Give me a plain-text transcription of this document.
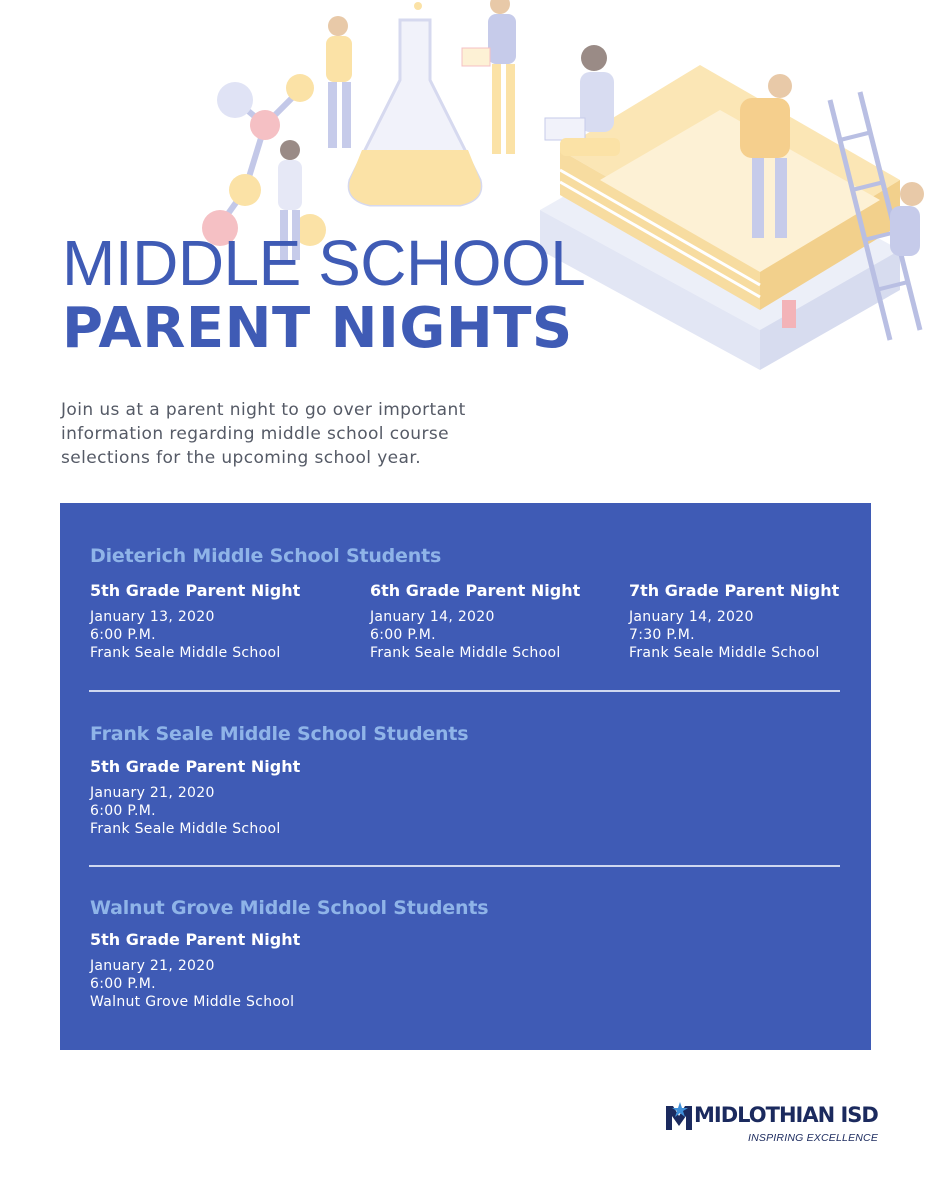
MIDDLE SCHOOL
PARENT NIGHTS
Join us at a parent night to go over important
information regarding middle school course
selections for the upcoming school year.
Dieterich Middle School Students
5th Grade Parent Night
January 13, 2020
6:00 P.M.
Frank Seale Middle School
6th Grade Parent Night
January 14, 2020
6:00 P.M.
Frank Seale Middle School
7th Grade Parent Night
January 14, 2020
7:30 P.M.
Frank Seale Middle School
Frank Seale Middle School Students
5th Grade Parent Night
January 21, 2020
6:00 P.M.
Frank Seale Middle School
Walnut Grove Middle School Students
5th Grade Parent Night
January 21, 2020
6:00 P.M.
Walnut Grove Middle School
MIDLOTHIAN ISD
INSPIRING EXCELLENCE
